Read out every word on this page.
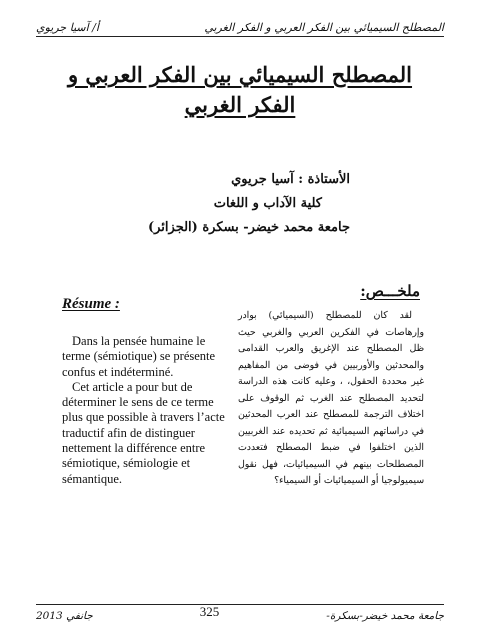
أ/ آسيا جريوي	المصطلح السيميائي بين الفكر العربي و الفكر الغربي
المصطلح السيميائي بين الفكر العربي و الفكر الغربي
الأستاذة : آسيا جريوي
كلية الآداب و اللغات
جامعة محمد خيضر- بسكرة (الجزائر)
ملخـــص:
لقد كان للمصطلح (السيميائي) بوادر وإرهاصات في الفكرين العربي والغربي حيث ظل المصطلح عند الإغريق والعرب القدامى والمحدثين والأوربيين في فوضى من المفاهيم غير محددة الحقول، ، وعليه كانت هذه الدراسة لتحديد المصطلح عند الغرب ثم الوقوف على اختلاف الترجمة للمصطلح عند العرب المحدثين في دراساتهم السيميائية ثم تحديده عند الغربيين الذين اختلفوا في ضبط المصطلح فتعددت المصطلحات بينهم في السيميائيات، فهل نقول سيميولوجيا أو السيميائيات أو السيمياء؟
Résume :

Dans la pensée humaine le terme (sémiotique) se présente confus et indéterminé.

Cet article a pour but de déterminer le sens de ce terme plus que possible à travers l’acte traductif afin de distinguer nettement la différence entre sémiotique, sémiologie et sémantique.

جانفي 2013	325	جامعة محمد خيضر-بسكرة-
